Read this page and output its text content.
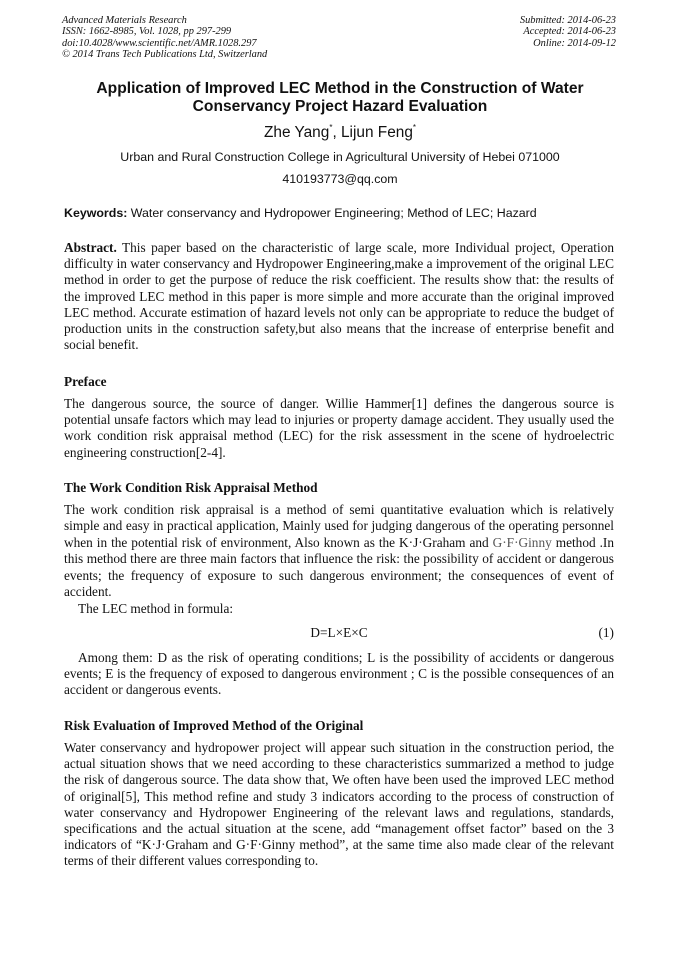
Advanced Materials Research
ISSN: 1662-8985, Vol. 1028, pp 297-299
doi:10.4028/www.scientific.net/AMR.1028.297
© 2014 Trans Tech Publications Ltd, Switzerland
Submitted: 2014-06-23
Accepted: 2014-06-23
Online: 2014-09-12
Application of Improved LEC Method in the Construction of Water
Conservancy Project Hazard Evaluation
Zhe Yang*, Lijun Feng*
Urban and Rural Construction College in Agricultural University of Hebei 071000
410193773@qq.com
Keywords: Water conservancy and Hydropower Engineering; Method of LEC; Hazard
Abstract. This paper based on the characteristic of large scale, more Individual project, Operation difficulty in water conservancy and Hydropower Engineering,make a improvement of the original LEC method in order to get the purpose of reduce the risk coefficient. The results show that: the results of the improved LEC method in this paper is more simple and more accurate than the original improved LEC method. Accurate estimation of hazard levels not only can be appropriate to reduce the budget of production units in the construction safety,but also means that the increase of enterprise benefit and social benefit.
Preface
The dangerous source, the source of danger. Willie Hammer[1] defines the dangerous source is potential unsafe factors which may lead to injuries or property damage accident. They usually used the work condition risk appraisal method (LEC) for the risk assessment in the scene of hydroelectric engineering construction[2-4].
The Work Condition Risk Appraisal Method
The work condition risk appraisal is a method of semi quantitative evaluation which is relatively simple and easy in practical application, Mainly used for judging dangerous of the operating personnel when in the potential risk of environment, Also known as the K·J·Graham and G·F·Ginny method .In this method there are three main factors that influence the risk: the possibility of accident or dangerous events; the frequency of exposure to such dangerous environment; the consequences of event of accident.
The LEC method in formula:
D=L×E×C	(1)
Among them: D as the risk of operating conditions; L is the possibility of accidents or dangerous events; E is the frequency of exposed to dangerous environment ; C is the possible consequences of an accident or dangerous events.
Risk Evaluation of Improved Method of the Original
Water conservancy and hydropower project will appear such situation in the construction period, the actual situation shows that we need according to these characteristics summarized a method to judge the risk of dangerous source. The data show that, We often have been used the improved LEC method of original[5], This method refine and study 3 indicators according to the process of construction of water conservancy and Hydropower Engineering of the relevant laws and regulations, standards, specifications and the actual situation at the scene, add “management offset factor” based on the 3 indicators of “K·J·Graham and G·F·Ginny method”, at the same time also made clear of the relevant terms of their different values corresponding to.
